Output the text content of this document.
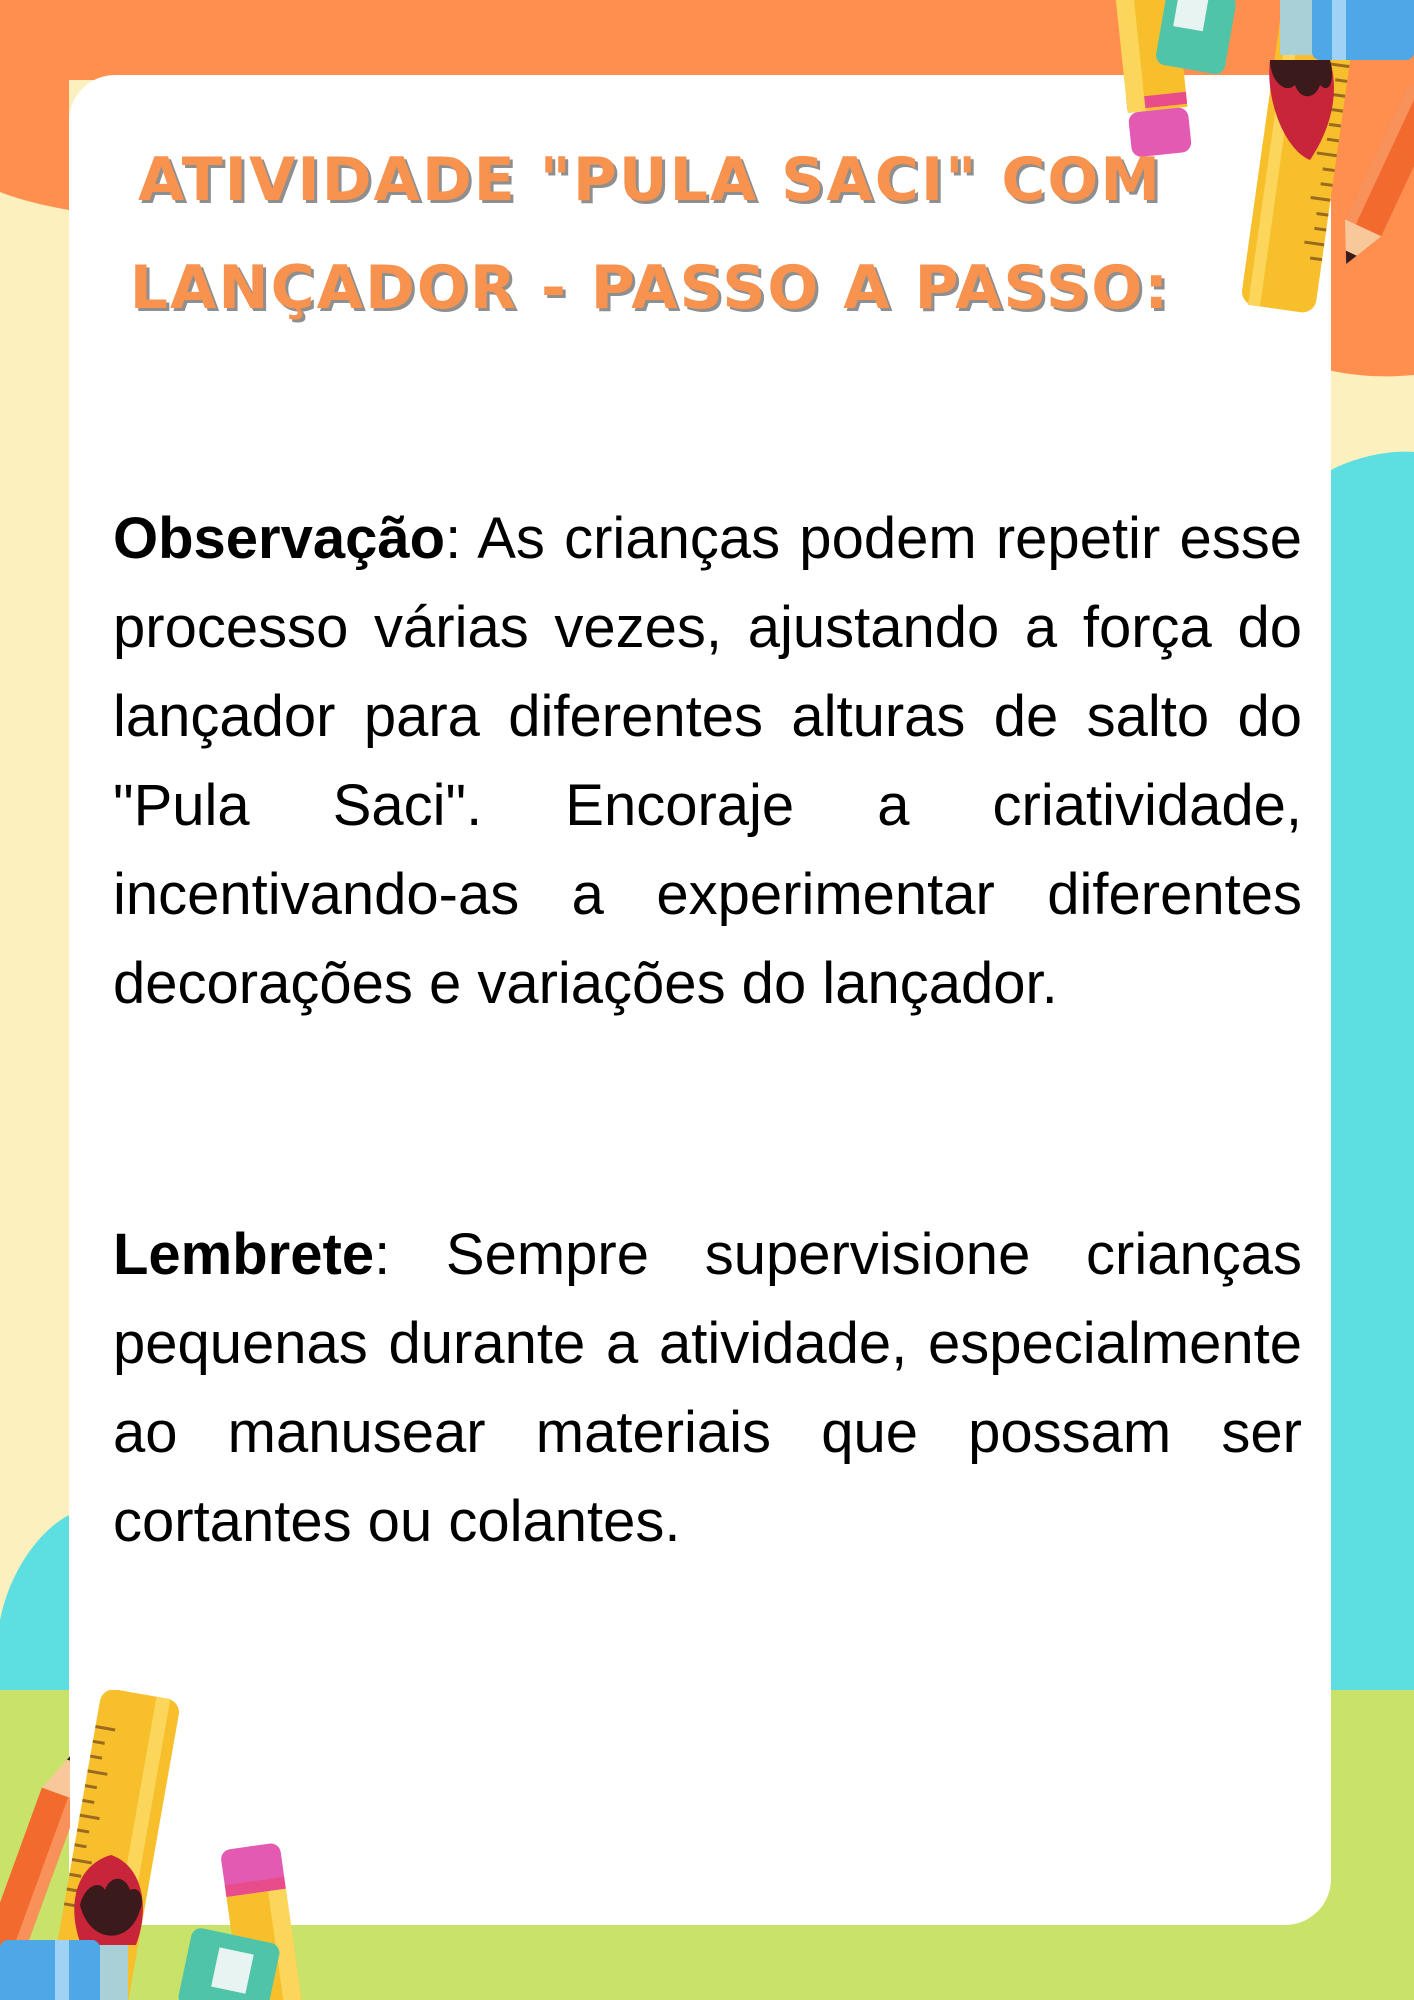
ATIVIDADE "PULA SACI" COM LANÇADOR - PASSO A PASSO:
Observação: As crianças podem repetir esse processo várias vezes, ajustando a força do lançador para diferentes alturas de salto do "Pula Saci". Encoraje a criatividade, incentivando-as a experimentar diferentes decorações e variações do lançador.
Lembrete: Sempre supervisione crianças pequenas durante a atividade, especialmente ao manusear materiais que possam ser cortantes ou colantes.
